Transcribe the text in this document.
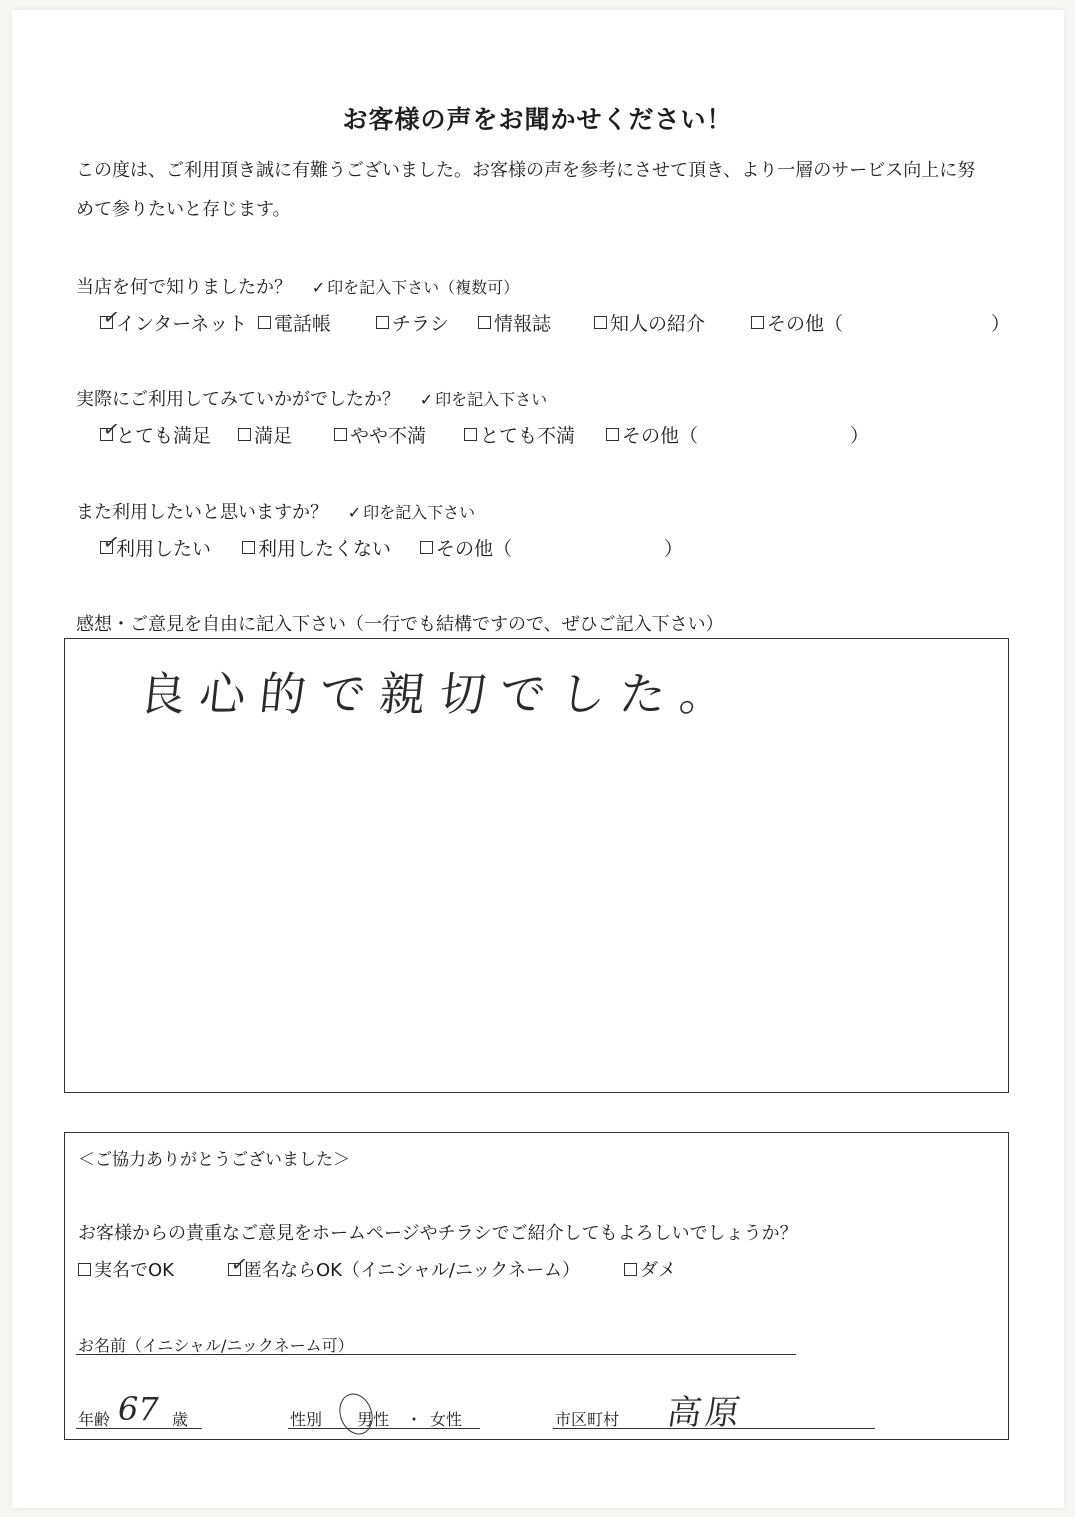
お客様の声をお聞かせください！
この度は、ご利用頂き誠に有難うございました。お客様の声を参考にさせて頂き、より一層のサービス向上に努
めて参りたいと存じます。
当店を何で知りましたか？ ✓ 印を記入下さい（複数可）
✓
インターネット 電話帳	チラシ 情報誌	知人の紹介	その他（	）
実際にご利用してみていかがでしたか？ ✓ 印を記入下さい
✓
とても満足 満足	やや不満	とても不満 その他（	）
また利用したいと思いますか？ ✓ 印を記入下さい
✓
利用したい 利用したくない その他（	）
感想・ご意見を自由に記入下さい（一行でも結構ですので、ぜひご記入下さい）
良心的で親切でした。
＜ご協力ありがとうございました＞
お客様からの貴重なご意見をホームページやチラシでご紹介してもよろしいでしょうか？
実名でOK	✓
匿名ならOK（イニシャル/ニックネーム）	ダメ
お名前（イニシャル/ニックネーム可）
年齢 67 歳	性別 男性 ・ 女性	市区町村 高原
